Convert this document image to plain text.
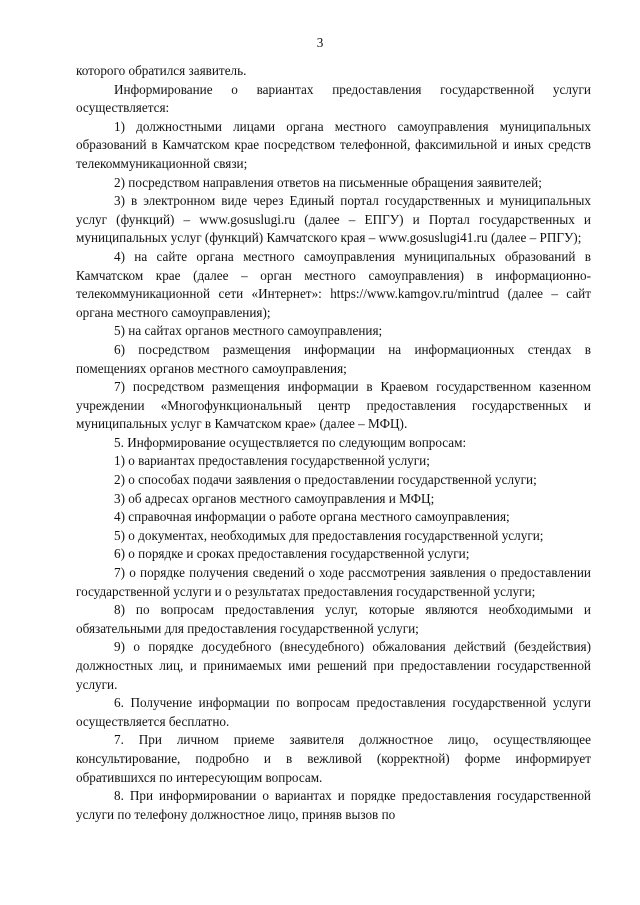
3

которого обратился заявитель.

Информирование о вариантах предоставления государственной услуги осуществляется:

1) должностными лицами органа местного самоуправления муниципальных образований в Камчатском крае посредством телефонной, факсимильной и иных средств телекоммуникационной связи;

2) посредством направления ответов на письменные обращения заявителей;

3) в электронном виде через Единый портал государственных и муниципальных услуг (функций) – www.gosuslugi.ru (далее – ЕПГУ) и Портал государственных и муниципальных услуг (функций) Камчатского края – www.gosuslugi41.ru (далее – РПГУ);

4) на сайте органа местного самоуправления муниципальных образований в Камчатском крае (далее – орган местного самоуправления) в информационно-телекоммуникационной сети «Интернет»: https://www.kamgov.ru/mintrud (далее – сайт органа местного самоуправления);

5) на сайтах органов местного самоуправления;

6) посредством размещения информации на информационных стендах в помещениях органов местного самоуправления;

7) посредством размещения информации в Краевом государственном казенном учреждении «Многофункциональный центр предоставления государственных и муниципальных услуг в Камчатском крае» (далее – МФЦ).

5. Информирование осуществляется по следующим вопросам:

1) о вариантах предоставления государственной услуги;

2) о способах подачи заявления о предоставлении государственной услуги;

3) об адресах органов местного самоуправления и МФЦ;

4) справочная информации о работе органа местного самоуправления;

5) о документах, необходимых для предоставления государственной услуги;

6) о порядке и сроках предоставления государственной услуги;

7) о порядке получения сведений о ходе рассмотрения заявления о предоставлении государственной услуги и о результатах предоставления государственной услуги;

8) по вопросам предоставления услуг, которые являются необходимыми и обязательными для предоставления государственной услуги;

9) о порядке досудебного (внесудебного) обжалования действий (бездействия) должностных лиц, и принимаемых ими решений при предоставлении государственной услуги.

6. Получение информации по вопросам предоставления государственной услуги осуществляется бесплатно.

7. При личном приеме заявителя должностное лицо, осуществляющее консультирование, подробно и в вежливой (корректной) форме информирует обратившихся по интересующим вопросам.

8. При информировании о вариантах и порядке предоставления государственной услуги по телефону должностное лицо, приняв вызов по
